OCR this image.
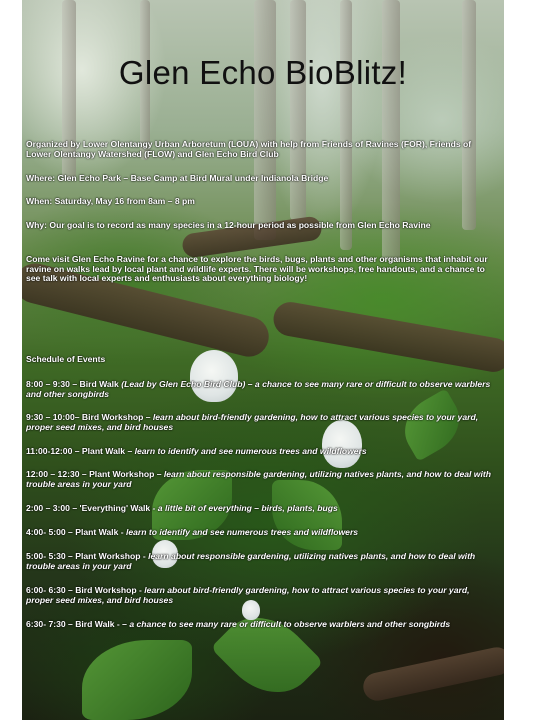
Glen Echo BioBlitz!
Organized by Lower Olentangy Urban Arboretum (LOUA) with help from Friends of Ravines (FOR), Friends of Lower Olentangy Watershed (FLOW) and Glen Echo Bird Club
Where: Glen Echo Park – Base Camp at Bird Mural under Indianola Bridge
When: Saturday, May 16 from 8am – 8 pm
Why: Our goal is to record as many species in a 12-hour period as possible from Glen Echo Ravine
Come visit Glen Echo Ravine for a chance to explore the birds, bugs, plants and other organisms that inhabit our ravine on walks lead by local plant and wildlife experts. There will be workshops, free handouts, and a chance to see talk with local experts and enthusiasts about everything biology!
Schedule of Events
8:00 – 9:30 – Bird Walk (Lead by Glen Echo Bird Club) – a chance to see many rare or difficult to observe warblers and other songbirds
9:30 – 10:00– Bird Workshop – learn about bird-friendly gardening, how to attract various species to your yard, proper seed mixes, and bird houses
11:00-12:00 – Plant Walk – learn to identify and see numerous trees and wildflowers
12:00 – 12:30 – Plant Workshop – learn about responsible gardening, utilizing natives plants, and how to deal with trouble areas in your yard
2:00 – 3:00 – 'Everything' Walk - a little bit of everything – birds, plants, bugs
4:00- 5:00 – Plant Walk - learn to identify and see numerous trees and wildflowers
5:00- 5:30 – Plant Workshop - learn about responsible gardening, utilizing natives plants, and how to deal with trouble areas in your yard
6:00- 6:30 – Bird Workshop - learn about bird-friendly gardening, how to attract various species to your yard, proper seed mixes, and bird houses
6:30- 7:30 – Bird Walk - – a chance to see many rare or difficult to observe warblers and other songbirds
